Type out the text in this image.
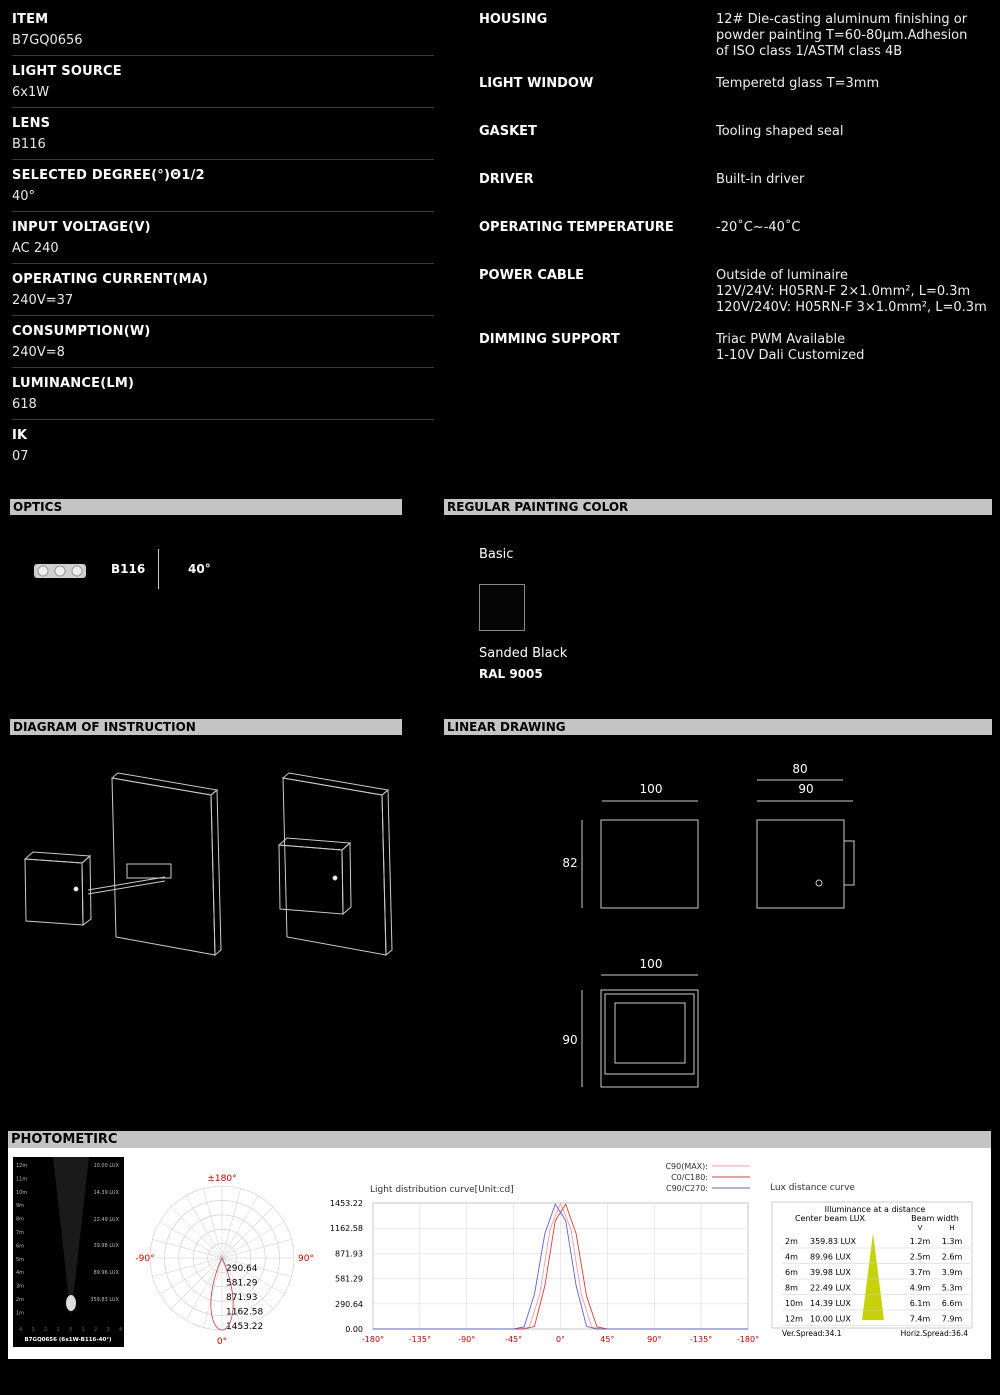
ITEM
B7GQ0656
LIGHT SOURCE
6x1W
LENS
B116
SELECTED DEGREE(°)Θ1/2
40°
INPUT VOLTAGE(V)
AC 240
OPERATING CURRENT(MA)
240V=37
CONSUMPTION(W)
240V=8
LUMINANCE(LM)
618
IK
07
HOUSING	12# Die-casting aluminum finishing or
powder painting T=60-80μm.Adhesion
of ISO class 1/ASTM class 4B
LIGHT WINDOW	Temperetd glass T=3mm
GASKET	Tooling shaped seal
DRIVER	Built-in driver
OPERATING TEMPERATURE	-20˚C~-40˚C
POWER CABLE	Outside of luminaire
12V/24V: H05RN-F 2×1.0mm², L=0.3m
120V/240V: H05RN-F 3×1.0mm², L=0.3m
DIMMING SUPPORT	Triac PWM Available
1-10V Dali Customized
OPTICS	REGULAR PAINTING COLOR
DIAGRAM OF INSTRUCTION	LINEAR DRAWING
B116	40°
Basic
Sanded Black
RAL 9005
100
82
80
90
100
90
PHOTOMETIRC
12m
11m
10m
9m
8m
7m
6m
5m
4m
3m
2m
1m
10.00 LUX
14.39 LUX
22.49 LUX
39.98 LUX
89.96 LUX
359.83 LUX
4 3 2 1 0 1 2 3 4
B7GQ0656 (6x1W-B116-40°)
±180°
-90°	90°
0°
290.64
581.29
871.93
1162.58
1453.22
Light distribution curve[Unit:cd]
C90(MAX):
C0/C180:
C90/C270:
0.00
290.64
581.29
871.93
1162.58
1453.22
-180°	-135°	-90°	-45°	0°	45°	90°	-135°	-180°
Lux distance curve
Illuminance at a distance
Center beam LUX	Beam width
V	H
2m 359.83 LUX	1.2m 1.3m
4m 89.96 LUX	2.5m 2.6m
6m 39.98 LUX	3.7m 3.9m
8m 22.49 LUX	4.9m 5.3m
10m 14.39 LUX	6.1m 6.6m
12m 10.00 LUX	7.4m 7.9m
Ver.Spread:34.1	Horiz.Spread:36.4
